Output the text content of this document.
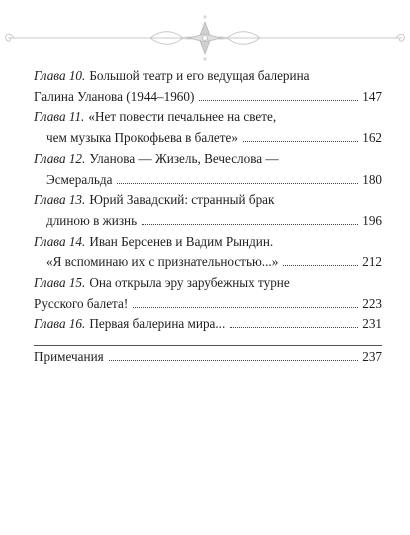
Глава 10. Большой театр и его ведущая балерина
Галина Уланова (1944–1960)	147
Глава 11. «Нет повести печальнее на свете,
чем музыка Прокофьева в балете»	162
Глава 12. Уланова — Жизель, Вечеслова —
Эсмеральда	180
Глава 13. Юрий Завадский: странный брак
длиною в жизнь	196
Глава 14. Иван Берсенев и Вадим Рындин.
«Я вспоминаю их с признательностью...»	212
Глава 15. Она открыла эру зарубежных турне
Русского балета!	223
Глава 16. Первая балерина мира...	231
Примечания	237
